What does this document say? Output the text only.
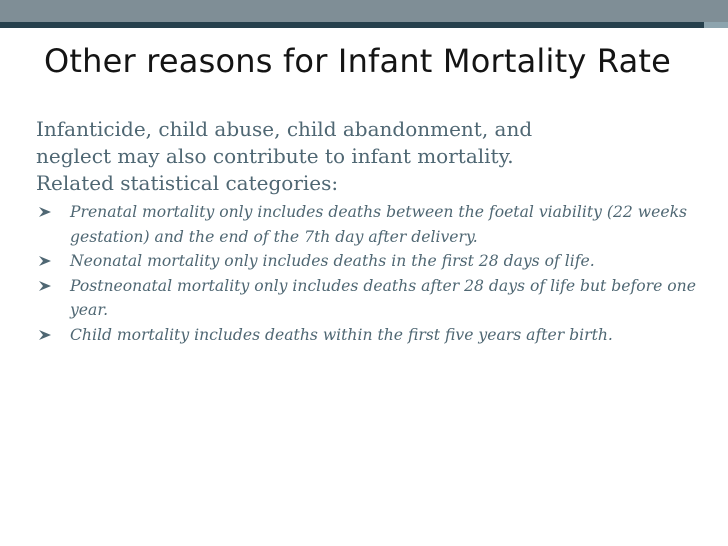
Other reasons for Infant Mortality Rate

Infanticide, child abuse, child abandonment, and
neglect may also contribute to infant mortality.
Related statistical categories:

Prenatal mortality only includes deaths between the foetal viability (22 weeks gestation) and the end of the 7th day after delivery.
Neonatal mortality only includes deaths in the first 28 days of life.
Postneonatal mortality only includes deaths after 28 days of life but before one year.
Child mortality includes deaths within the first five years after birth.
